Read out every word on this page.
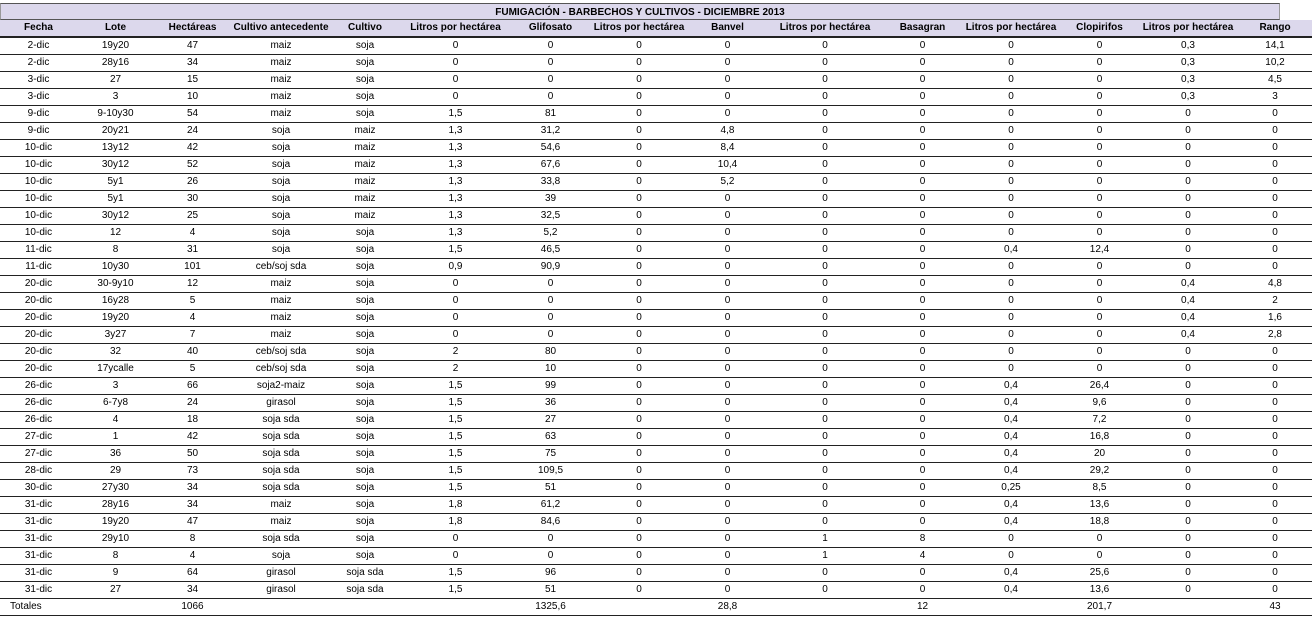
FUMIGACIÓN - BARBECHOS Y CULTIVOS - DICIEMBRE 2013
Fecha	Lote	Hectáreas	Cultivo antecedente	Cultivo	Litros por hectárea	Glifosato	Litros por hectárea	Banvel	Litros por hectárea	Basagran	Litros por hectárea	Clopirifos	Litros por hectárea	Rango
2-dic	19y20	47	maiz	soja	0	0	0	0	0	0	0	0	0,3	14,1
2-dic	28y16	34	maiz	soja	0	0	0	0	0	0	0	0	0,3	10,2
3-dic	27	15	maiz	soja	0	0	0	0	0	0	0	0	0,3	4,5
3-dic	3	10	maiz	soja	0	0	0	0	0	0	0	0	0,3	3
9-dic	9-10y30	54	maiz	soja	1,5	81	0	0	0	0	0	0	0	0
9-dic	20y21	24	soja	maiz	1,3	31,2	0	4,8	0	0	0	0	0	0
10-dic	13y12	42	soja	maiz	1,3	54,6	0	8,4	0	0	0	0	0	0
10-dic	30y12	52	soja	maiz	1,3	67,6	0	10,4	0	0	0	0	0	0
10-dic	5y1	26	soja	maiz	1,3	33,8	0	5,2	0	0	0	0	0	0
10-dic	5y1	30	soja	maiz	1,3	39	0	0	0	0	0	0	0	0
10-dic	30y12	25	soja	maiz	1,3	32,5	0	0	0	0	0	0	0	0
10-dic	12	4	soja	soja	1,3	5,2	0	0	0	0	0	0	0	0
11-dic	8	31	soja	soja	1,5	46,5	0	0	0	0	0,4	12,4	0	0
11-dic	10y30	101	ceb/soj sda	soja	0,9	90,9	0	0	0	0	0	0	0	0
20-dic	30-9y10	12	maiz	soja	0	0	0	0	0	0	0	0	0,4	4,8
20-dic	16y28	5	maiz	soja	0	0	0	0	0	0	0	0	0,4	2
20-dic	19y20	4	maiz	soja	0	0	0	0	0	0	0	0	0,4	1,6
20-dic	3y27	7	maiz	soja	0	0	0	0	0	0	0	0	0,4	2,8
20-dic	32	40	ceb/soj sda	soja	2	80	0	0	0	0	0	0	0	0
20-dic	17ycalle	5	ceb/soj sda	soja	2	10	0	0	0	0	0	0	0	0
26-dic	3	66	soja2-maiz	soja	1,5	99	0	0	0	0	0,4	26,4	0	0
26-dic	6-7y8	24	girasol	soja	1,5	36	0	0	0	0	0,4	9,6	0	0
26-dic	4	18	soja sda	soja	1,5	27	0	0	0	0	0,4	7,2	0	0
27-dic	1	42	soja sda	soja	1,5	63	0	0	0	0	0,4	16,8	0	0
27-dic	36	50	soja sda	soja	1,5	75	0	0	0	0	0,4	20	0	0
28-dic	29	73	soja sda	soja	1,5	109,5	0	0	0	0	0,4	29,2	0	0
30-dic	27y30	34	soja sda	soja	1,5	51	0	0	0	0	0,25	8,5	0	0
31-dic	28y16	34	maiz	soja	1,8	61,2	0	0	0	0	0,4	13,6	0	0
31-dic	19y20	47	maiz	soja	1,8	84,6	0	0	0	0	0,4	18,8	0	0
31-dic	29y10	8	soja sda	soja	0	0	0	0	1	8	0	0	0	0
31-dic	8	4	soja	soja	0	0	0	0	1	4	0	0	0	0
31-dic	9	64	girasol	soja sda	1,5	96	0	0	0	0	0,4	25,6	0	0
31-dic	27	34	girasol	soja sda	1,5	51	0	0	0	0	0,4	13,6	0	0
Totales		1066				1325,6		28,8		12		201,7		43
